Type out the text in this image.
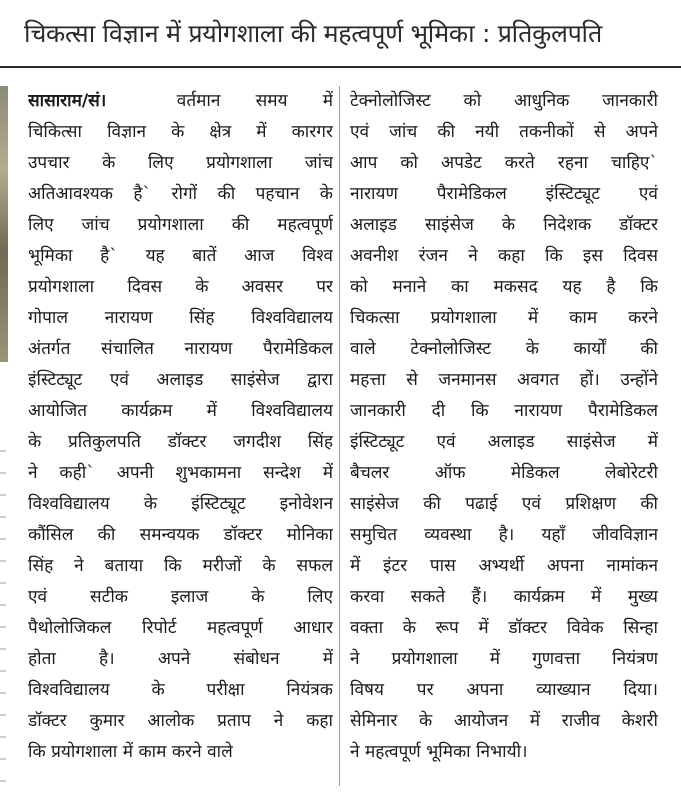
चिकत्सा विज्ञान में प्रयोगशाला की महत्वपूर्ण भूमिका : प्रतिकुलपति
सासाराम/सं।	वर्तमान समय में
चिकित्सा विज्ञान के क्षेत्र में कारगर
उपचार के लिए प्रयोगशाला जांच
अतिआवश्यक है` रोगों की पहचान के
लिए जांच प्रयोगशाला की महत्वपूर्ण
भूमिका है` यह बातें आज विश्व
प्रयोगशाला दिवस के अवसर पर
गोपाल नारायण सिंह विश्वविद्यालय
अंतर्गत संचालित नारायण पैरामेडिकल
इंस्टिट्यूट एवं अलाइड साइंसेज द्वारा
आयोजित कार्यक्रम में विश्वविद्यालय
के प्रतिकुलपति डॉक्टर जगदीश सिंह
ने कही` अपनी शुभकामना सन्देश में
विश्वविद्यालय के इंस्टिट्यूट इनोवेशन
कौंसिल की समन्वयक डॉक्टर मोनिका
सिंह ने बताया कि मरीजों के सफल
एवं सटीक इलाज के लिए
पैथोलोजिकल रिपोर्ट महत्वपूर्ण आधार
होता है। अपने संबोधन में
विश्वविद्यालय के परीक्षा नियंत्रक
डॉक्टर कुमार आलोक प्रताप ने कहा
कि प्रयोगशाला में काम करने वाले
टेक्नोलोजिस्ट को आधुनिक जानकारी
एवं जांच की नयी तकनीकों से अपने
आप को अपडेट करते रहना चाहिए`
नारायण पैरामेडिकल इंस्टिट्यूट एवं
अलाइड साइंसेज के निदेशक डॉक्टर
अवनीश रंजन ने कहा कि इस दिवस
को मनाने का मकसद यह है कि
चिकत्सा प्रयोगशाला में काम करने
वाले टेक्नोलोजिस्ट के कार्यों की
महत्ता से जनमानस अवगत हों। उन्होंने
जानकारी दी कि नारायण पैरामेडिकल
इंस्टिट्यूट एवं अलाइड साइंसेज में
बैचलर ऑफ मेडिकल लेबोरेटरी
साइंसेज की पढाई एवं प्रशिक्षण की
समुचित व्यवस्था है। यहाँ जीवविज्ञान
में इंटर पास अभ्यर्थी अपना नामांकन
करवा सकते हैं। कार्यक्रम में मुख्य
वक्ता के रूप में डॉक्टर विवेक सिन्हा
ने प्रयोगशाला में गुणवत्ता नियंत्रण
विषय पर अपना व्याख्यान दिया।
सेमिनार के आयोजन में राजीव केशरी
ने महत्वपूर्ण भूमिका निभायी।
